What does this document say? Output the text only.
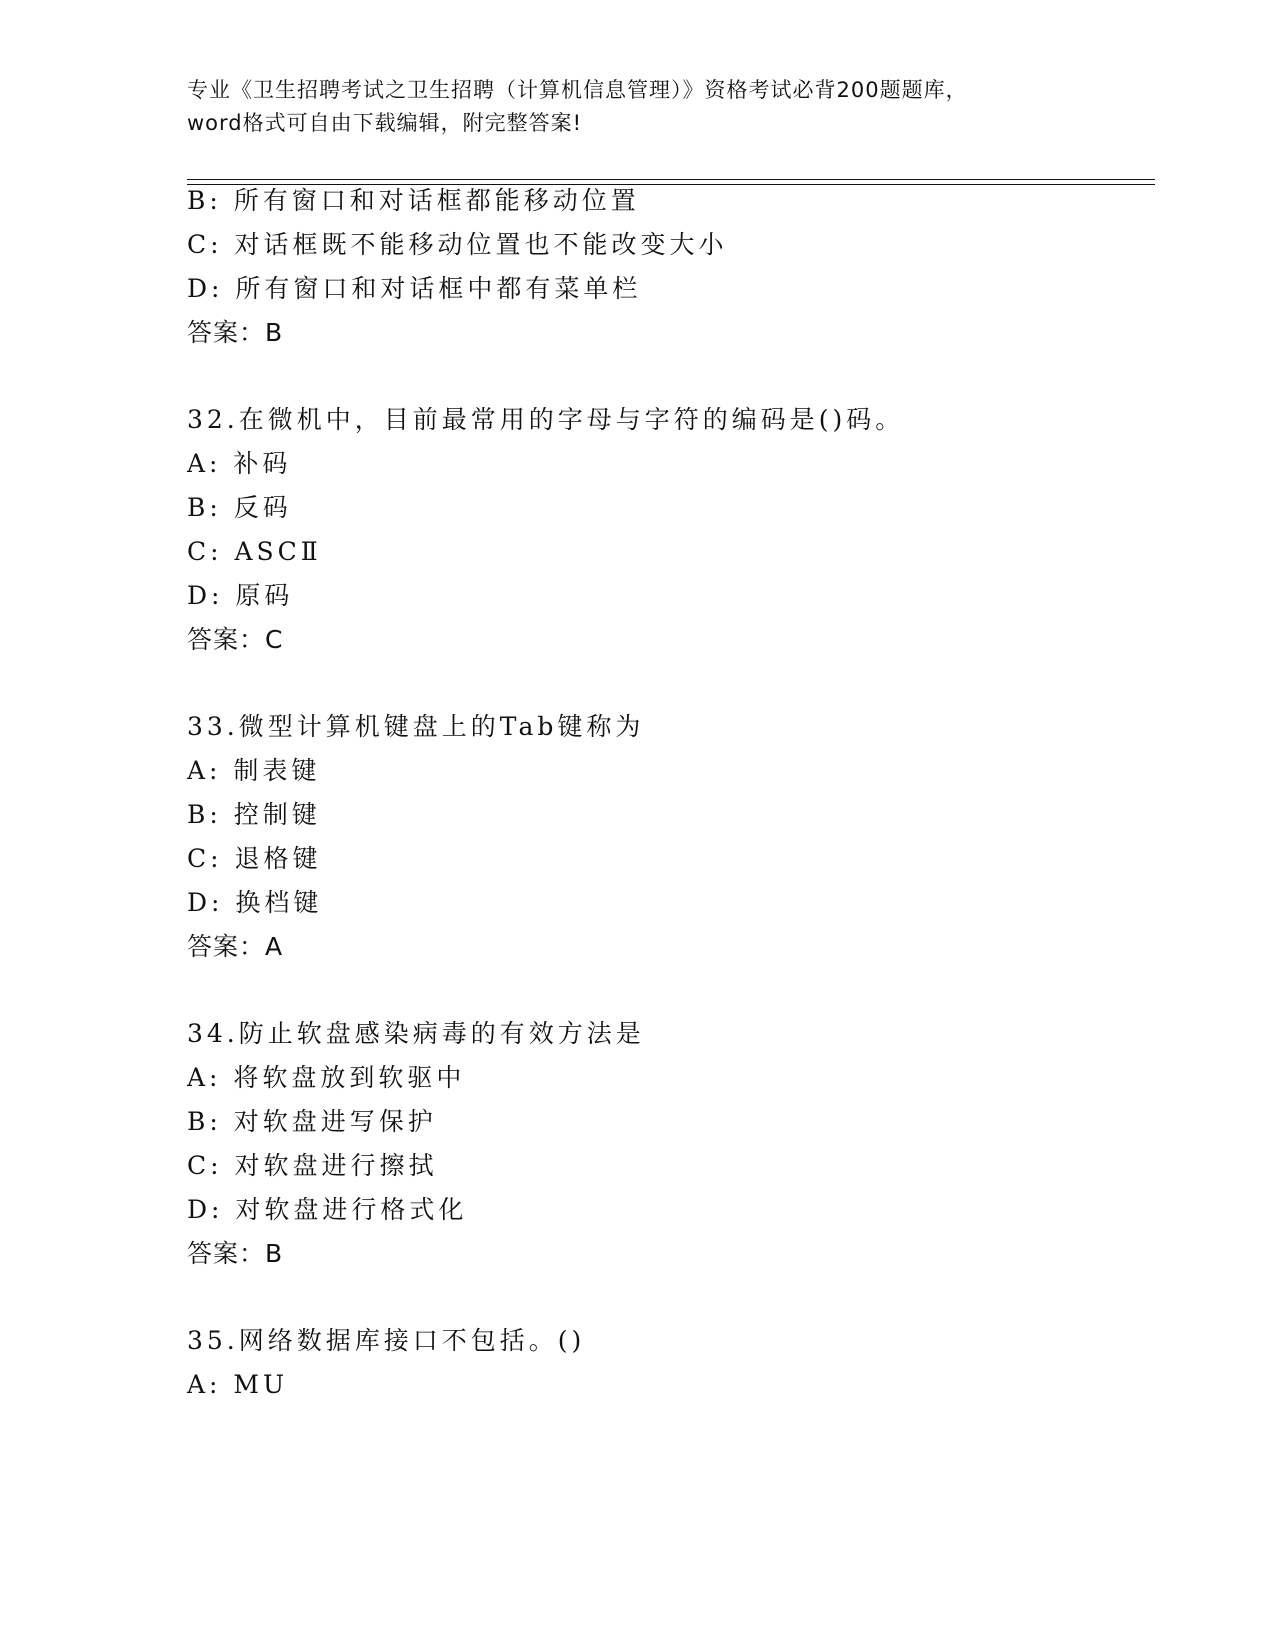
专业《卫生招聘考试之卫生招聘（计算机信息管理）》资格考试必背200题题库，
word格式可自由下载编辑，附完整答案!
B: 所有窗口和对话框都能移动位置
C: 对话框既不能移动位置也不能改变大小
D: 所有窗口和对话框中都有菜单栏
答案：B
32.在微机中，目前最常用的字母与字符的编码是()码。
A: 补码
B: 反码
C: ASCⅡ
D: 原码
答案：C
33.微型计算机键盘上的Tab键称为
A: 制表键
B: 控制键
C: 退格键
D: 换档键
答案：A
34.防止软盘感染病毒的有效方法是
A: 将软盘放到软驱中
B: 对软盘进写保护
C: 对软盘进行擦拭
D: 对软盘进行格式化
答案：B
35.网络数据库接口不包括。()
A: MU
